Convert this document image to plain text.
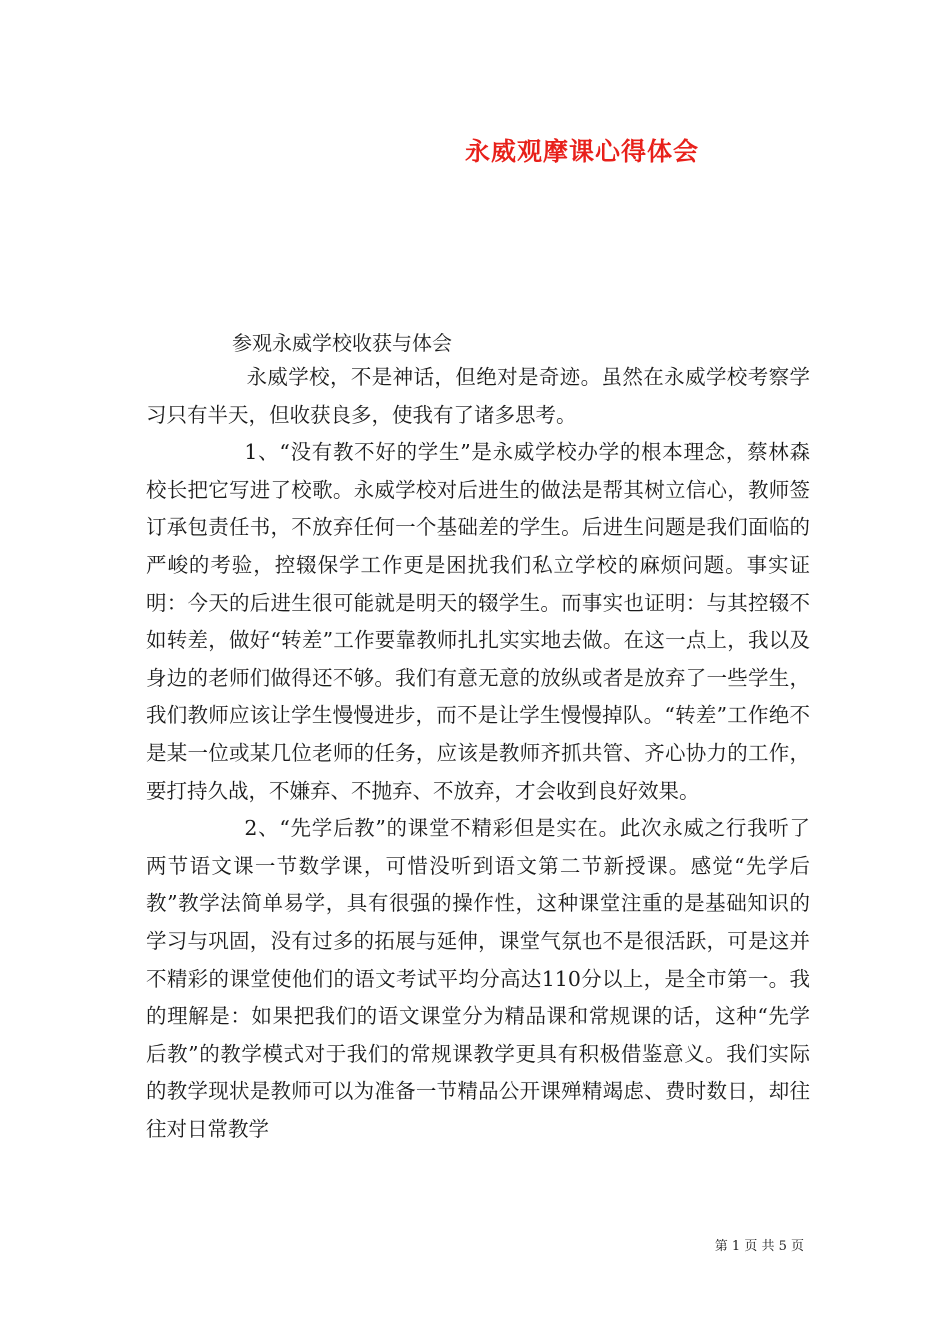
永威观摩课心得体会
参观永威学校收获与体会

永威学校，不是神话，但绝对是奇迹。虽然在永威学校考察学习只有半天，但收获良多，使我有了诸多思考。

1、“没有教不好的学生”是永威学校办学的根本理念，蔡林森校长把它写进了校歌。永威学校对后进生的做法是帮其树立信心，教师签订承包责任书，不放弃任何一个基础差的学生。后进生问题是我们面临的严峻的考验，控辍保学工作更是困扰我们私立学校的麻烦问题。事实证明：今天的后进生很可能就是明天的辍学生。而事实也证明：与其控辍不如转差，做好“转差”工作要靠教师扎扎实实地去做。在这一点上，我以及身边的老师们做得还不够。我们有意无意的放纵或者是放弃了一些学生，我们教师应该让学生慢慢进步，而不是让学生慢慢掉队。“转差”工作绝不是某一位或某几位老师的任务，应该是教师齐抓共管、齐心协力的工作，要打持久战，不嫌弃、不抛弃、不放弃，才会收到良好效果。

2、“先学后教”的课堂不精彩但是实在。此次永威之行我听了两节语文课一节数学课，可惜没听到语文第二节新授课。感觉“先学后教”教学法简单易学，具有很强的操作性，这种课堂注重的是基础知识的学习与巩固，没有过多的拓展与延伸，课堂气氛也不是很活跃，可是这并不精彩的课堂使他们的语文考试平均分高达110分以上，是全市第一。我的理解是：如果把我们的语文课堂分为精品课和常规课的话，这种“先学后教”的教学模式对于我们的常规课教学更具有积极借鉴意义。我们实际的教学现状是教师可以为准备一节精品公开课殚精竭虑、费时数日，却往往对日常教学

第 1 页 共 5 页
